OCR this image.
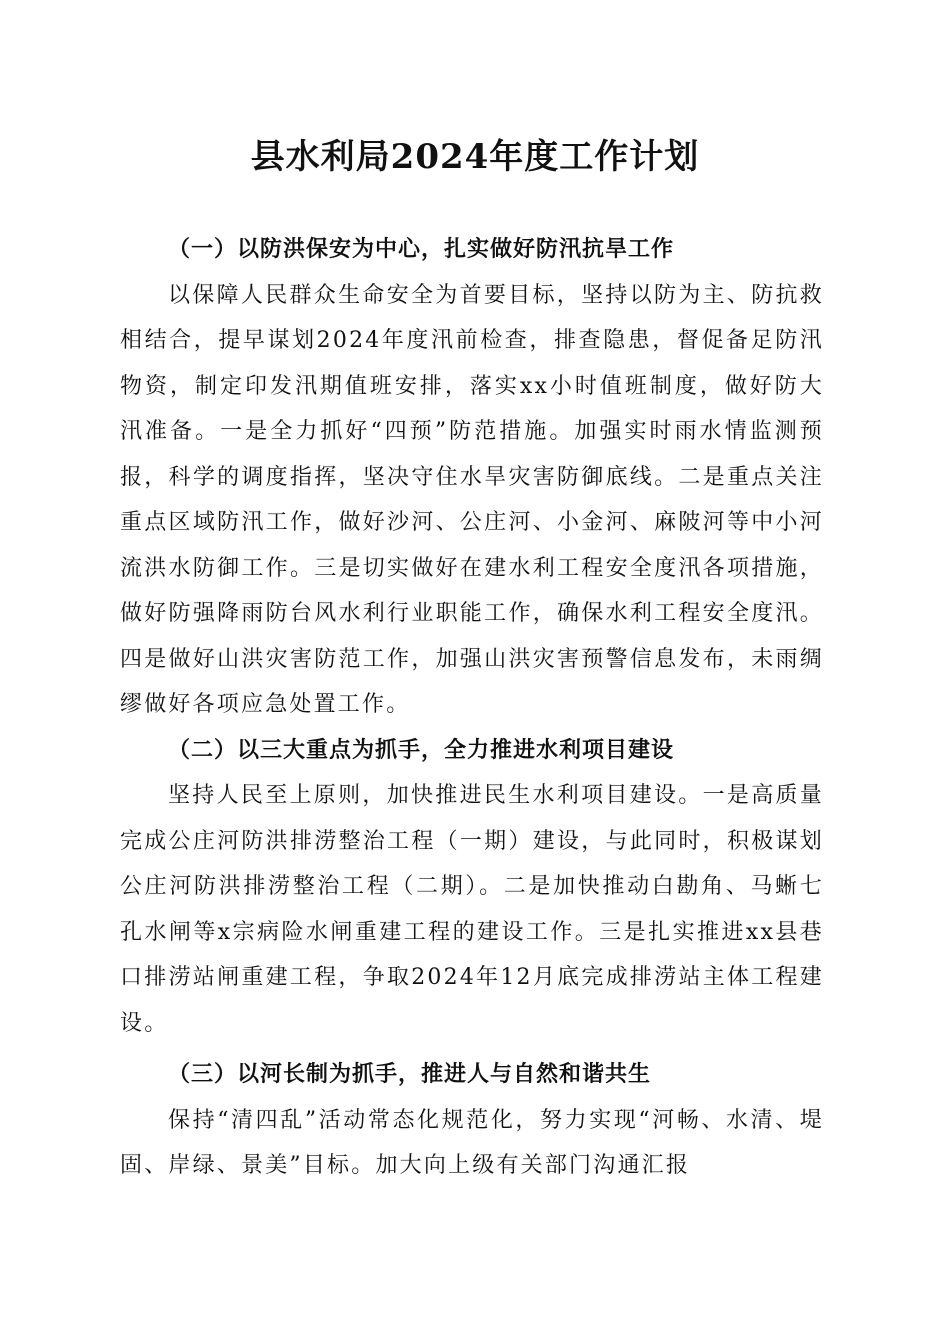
县水利局2024年度工作计划

（一）以防洪保安为中心，扎实做好防汛抗旱工作

以保障人民群众生命安全为首要目标，坚持以防为主、防抗救相结合，提早谋划2024年度汛前检查，排查隐患，督促备足防汛物资，制定印发汛期值班安排，落实xx小时值班制度，做好防大汛准备。一是全力抓好“四预”防范措施。加强实时雨水情监测预报，科学的调度指挥，坚决守住水旱灾害防御底线。二是重点关注重点区域防汛工作，做好沙河、公庄河、小金河、麻陂河等中小河流洪水防御工作。三是切实做好在建水利工程安全度汛各项措施，做好防强降雨防台风水利行业职能工作，确保水利工程安全度汛。四是做好山洪灾害防范工作，加强山洪灾害预警信息发布，未雨绸缪做好各项应急处置工作。

（二）以三大重点为抓手，全力推进水利项目建设

坚持人民至上原则，加快推进民生水利项目建设。一是高质量完成公庄河防洪排涝整治工程（一期）建设，与此同时，积极谋划公庄河防洪排涝整治工程（二期）。二是加快推动白勘角、马蜥七孔水闸等x宗病险水闸重建工程的建设工作。三是扎实推进xx县巷口排涝站闸重建工程，争取2024年12月底完成排涝站主体工程建设。

（三）以河长制为抓手，推进人与自然和谐共生

保持“清四乱”活动常态化规范化，努力实现“河畅、水清、堤固、岸绿、景美”目标。加大向上级有关部门沟通汇报
